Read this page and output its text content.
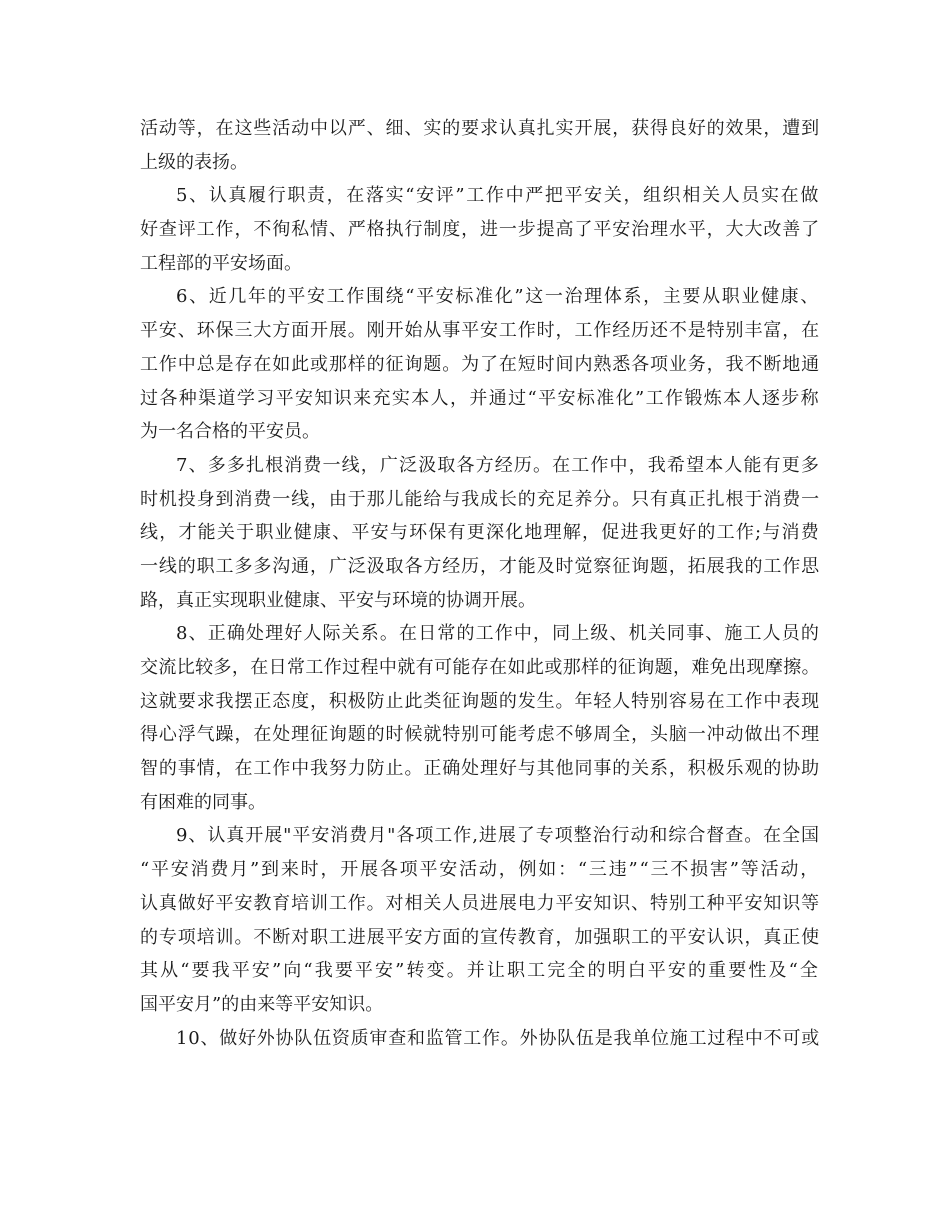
活动等，在这些活动中以严、细、实的要求认真扎实开展，获得良好的效果，遭到
上级的表扬。
5、认真履行职责，在落实“安评”工作中严把平安关，组织相关人员实在做
好查评工作，不徇私情、严格执行制度，进一步提高了平安治理水平，大大改善了
工程部的平安场面。
6、近几年的平安工作围绕“平安标准化”这一治理体系，主要从职业健康、
平安、环保三大方面开展。刚开始从事平安工作时，工作经历还不是特别丰富，在
工作中总是存在如此或那样的征询题。为了在短时间内熟悉各项业务，我不断地通
过各种渠道学习平安知识来充实本人，并通过“平安标准化”工作锻炼本人逐步称
为一名合格的平安员。
7、多多扎根消费一线，广泛汲取各方经历。在工作中，我希望本人能有更多
时机投身到消费一线，由于那儿能给与我成长的充足养分。只有真正扎根于消费一
线，才能关于职业健康、平安与环保有更深化地理解，促进我更好的工作;与消费
一线的职工多多沟通，广泛汲取各方经历，才能及时觉察征询题，拓展我的工作思
路，真正实现职业健康、平安与环境的协调开展。
8、正确处理好人际关系。在日常的工作中，同上级、机关同事、施工人员的
交流比较多，在日常工作过程中就有可能存在如此或那样的征询题，难免出现摩擦。
这就要求我摆正态度，积极防止此类征询题的发生。年轻人特别容易在工作中表现
得心浮气躁，在处理征询题的时候就特别可能考虑不够周全，头脑一冲动做出不理
智的事情，在工作中我努力防止。正确处理好与其他同事的关系，积极乐观的协助
有困难的同事。
9、认真开展"平安消费月"各项工作,进展了专项整治行动和综合督查。在全国
“平安消费月”到来时，开展各项平安活动，例如：“三违”“三不损害”等活动，
认真做好平安教育培训工作。对相关人员进展电力平安知识、特别工种平安知识等
的专项培训。不断对职工进展平安方面的宣传教育，加强职工的平安认识，真正使
其从“要我平安”向“我要平安”转变。并让职工完全的明白平安的重要性及“全
国平安月”的由来等平安知识。
10、做好外协队伍资质审查和监管工作。外协队伍是我单位施工过程中不可或
